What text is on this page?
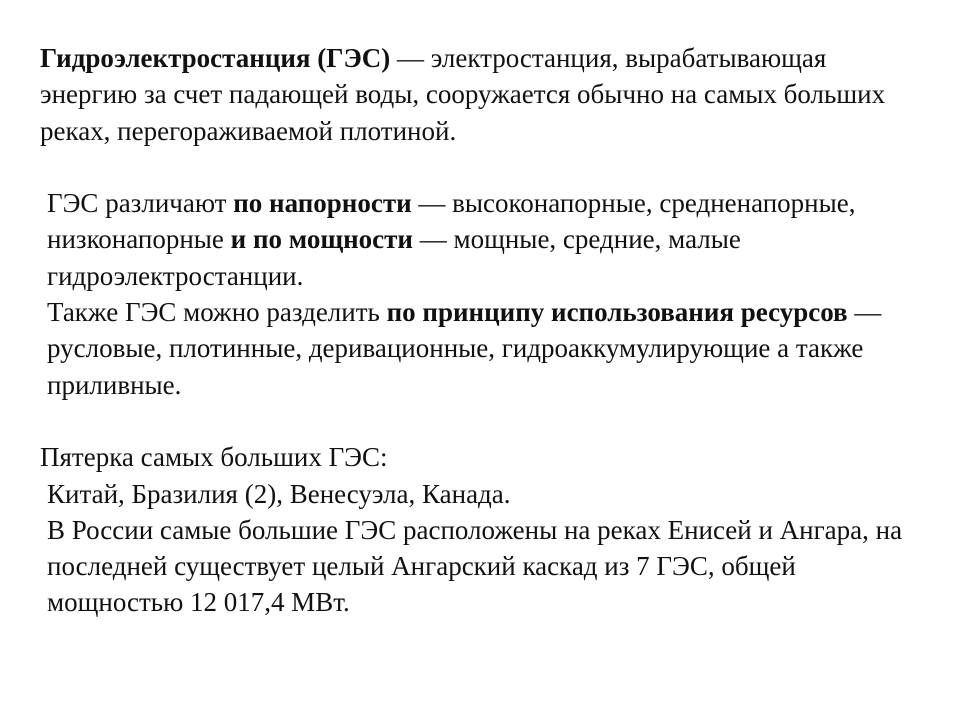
Гидроэлектростанция (ГЭС) — электростанция, вырабатывающая энергию за счет падающей воды, сооружается обычно на самых больших реках, перегораживаемой плотиной.

ГЭС различают по напорности — высоконапорные, средненапорные, низконапорные и по мощности — мощные, средние, малые гидроэлектростанции.

Также ГЭС можно разделить по принципу использования ресурсов — русловые, плотинные, деривационные, гидроаккумулирующие а также приливные.

Пятерка самых больших ГЭС:

Китай, Бразилия (2), Венесуэла, Канада.

В России самые большие ГЭС расположены на реках Енисей и Ангара, на последней существует целый Ангарский каскад из 7 ГЭС, общей мощностью 12 017,4 МВт.
